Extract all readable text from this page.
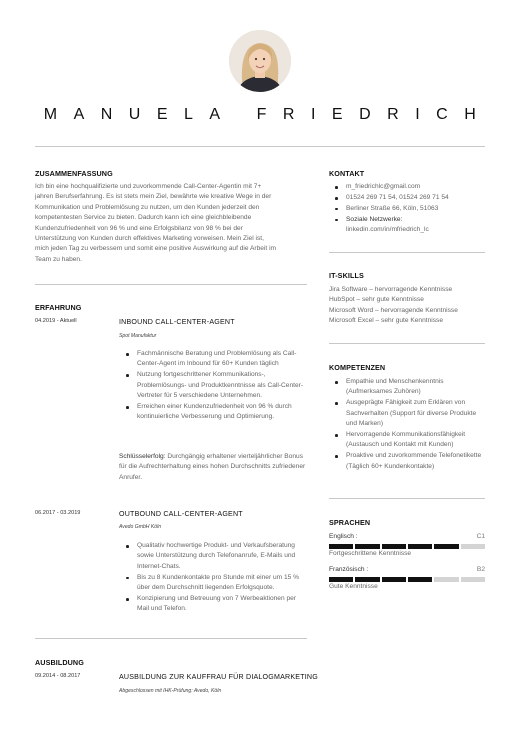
MANUELA FRIEDRICH
ZUSAMMENFASSUNG
Ich bin eine hochqualifizierte und zuvorkommende Call-Center-Agentin mit 7+
jahren Berufserfahrung. Es ist stets mein Ziel, bewährte wie kreative Wege in der
Kommunikation und Problemlösung zu nutzen, um den Kunden jederzeit den
kompetentesten Service zu bieten. Dadurch kann ich eine gleichbleibende
Kundenzufriedenheit von 96 % und eine Erfolgsbilanz von 98 % bei der
Unterstützung von Kunden durch effektives Marketing vorweisen. Mein Ziel ist,
mich jeden Tag zu verbessern und somit eine positive Auswirkung auf die Arbeit im
Team zu haben.
ERFAHRUNG
04.2019 - Aktuell	INBOUND CALL-CENTER-AGENT
Spot Manufaktur
Fachmännische Beratung und Problemlösung als Call-Center-Agent im Inbound für 60+ Kunden täglich
Nutzung fortgeschrittener Kommunikations-, Problemlösungs- und Produktkenntnisse als Call-Center-Vertreter für 5 verschiedene Unternehmen.
Erreichen einer Kundenzufriedenheit von 96 % durch kontinuierliche Verbesserung und Optimierung.
Schlüsselerfolg: Durchgängig erhaltener vierteljährlicher Bonus für die Aufrechterhaltung eines hohen Durchschnitts zufriedener Anrufer.
06.2017 - 03.2019	OUTBOUND CALL-CENTER-AGENT
Avedo GmbH Köln
Qualitativ hochwertige Produkt- und Verkaufsberatung sowie Unterstützung durch Telefonanrufe, E-Mails und Internet-Chats.
Bis zu 8 Kundenkontakte pro Stunde mit einer um 15 % über dem Durchschnitt liegenden Erfolgsquote.
Konzipierung und Betreuung von 7 Werbeaktionen per Mail und Telefon.
AUSBILDUNG
09.2014 - 08.2017	AUSBILDUNG ZUR KAUFFRAU FÜR DIALOGMARKETING
Abgeschlossen mit IHK-Prüfung: Avedo, Köln
KONTAKT
m_friedrichlc@gmail.com
01524 269 71 54, 01524 269 71 54
Berliner Straße 66, Köln, 51063
Soziale Netzwerke: linkedin.com/in/mfriedrich_lc
IT-SKILLS
Jira Software – hervorragende Kenntnisse
HubSpot – sehr gute Kenntnisse
Microsoft Word – hervorragende Kenntnisse
Microsoft Excel – sehr gute Kenntnisse
KOMPETENZEN
Empathie und Menschenkenntnis (Aufmerksames Zuhören)
Ausgeprägte Fähigkeit zum Erklären von Sachverhalten (Support für diverse Produkte und Marken)
Hervorragende Kommunikationsfähigkeit (Austausch und Kontakt mit Kunden)
Proaktive und zuvorkommende Telefonetikette (Täglich 60+ Kundenkontakte)
SPRACHEN
Englisch :	C1
Fortgeschrittene Kenntnisse
Französisch :	B2
Gute Kenntnisse
